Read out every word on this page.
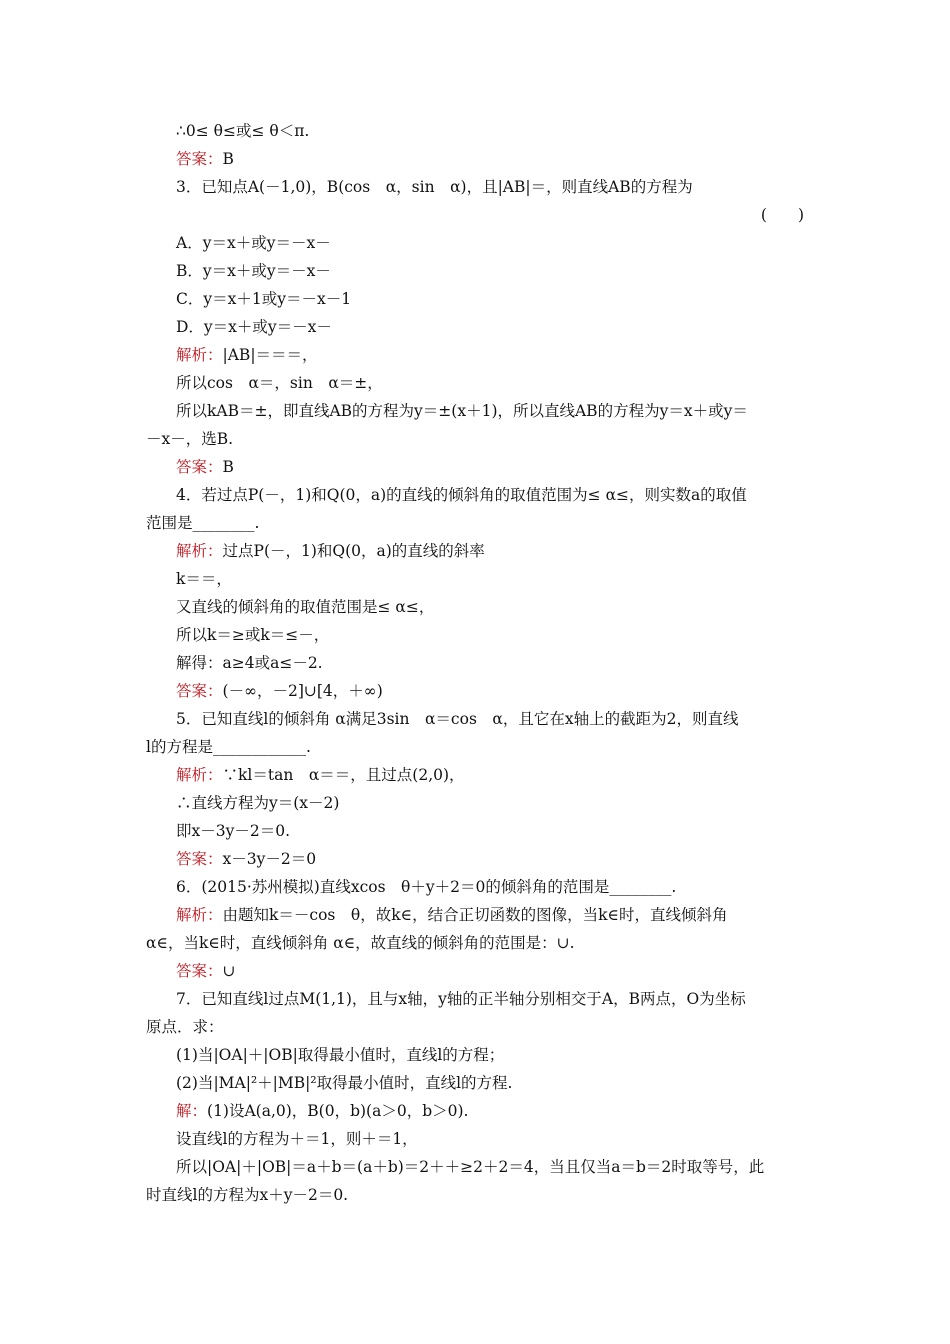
∴0≤ θ≤或≤ θ＜π.
答案：B
3．已知点A(－1,0)，B(cos　α，sin　α)，且|AB|＝，则直线AB的方程为
(　　)
A．y＝x＋或y＝－x－
B．y＝x＋或y＝－x－
C．y＝x＋1或y＝－x－1
D．y＝x＋或y＝－x－
解析：|AB|＝＝＝，
所以cos　α＝，sin　α＝±，
所以kAB＝±，即直线AB的方程为y＝±(x＋1)，所以直线AB的方程为y＝x＋或y＝
－x－，选B.
答案：B
4．若过点P(－，1)和Q(0，a)的直线的倾斜角的取值范围为≤ α≤，则实数a的取值
范围是________.
解析：过点P(－，1)和Q(0，a)的直线的斜率
k＝＝，
又直线的倾斜角的取值范围是≤ α≤，
所以k＝≥或k＝≤－，
解得：a≥4或a≤－2.
答案：(－∞，－2]∪[4，＋∞)
5．已知直线l的倾斜角 α满足3sin　α＝cos　α，且它在x轴上的截距为2，则直线
l的方程是____________.
解析：∵kl＝tan　α＝＝，且过点(2,0)，
∴直线方程为y＝(x－2)
即x－3y－2＝0.
答案：x－3y－2＝0
6．(2015·苏州模拟)直线xcos　θ＋y＋2＝0的倾斜角的范围是________.
解析：由题知k＝－cos　θ，故k∈，结合正切函数的图像，当k∈时，直线倾斜角
α∈，当k∈时，直线倾斜角 α∈，故直线的倾斜角的范围是：∪.
答案：∪
7．已知直线l过点M(1,1)，且与x轴，y轴的正半轴分别相交于A，B两点，O为坐标
原点．求：
(1)当|OA|＋|OB|取得最小值时，直线l的方程；
(2)当|MA|²＋|MB|²取得最小值时，直线l的方程.
解：(1)设A(a,0)，B(0，b)(a＞0，b＞0).
设直线l的方程为＋＝1，则＋＝1，
所以|OA|＋|OB|＝a＋b＝(a＋b)＝2＋＋≥2＋2＝4，当且仅当a＝b＝2时取等号，此
时直线l的方程为x＋y－2＝0.
